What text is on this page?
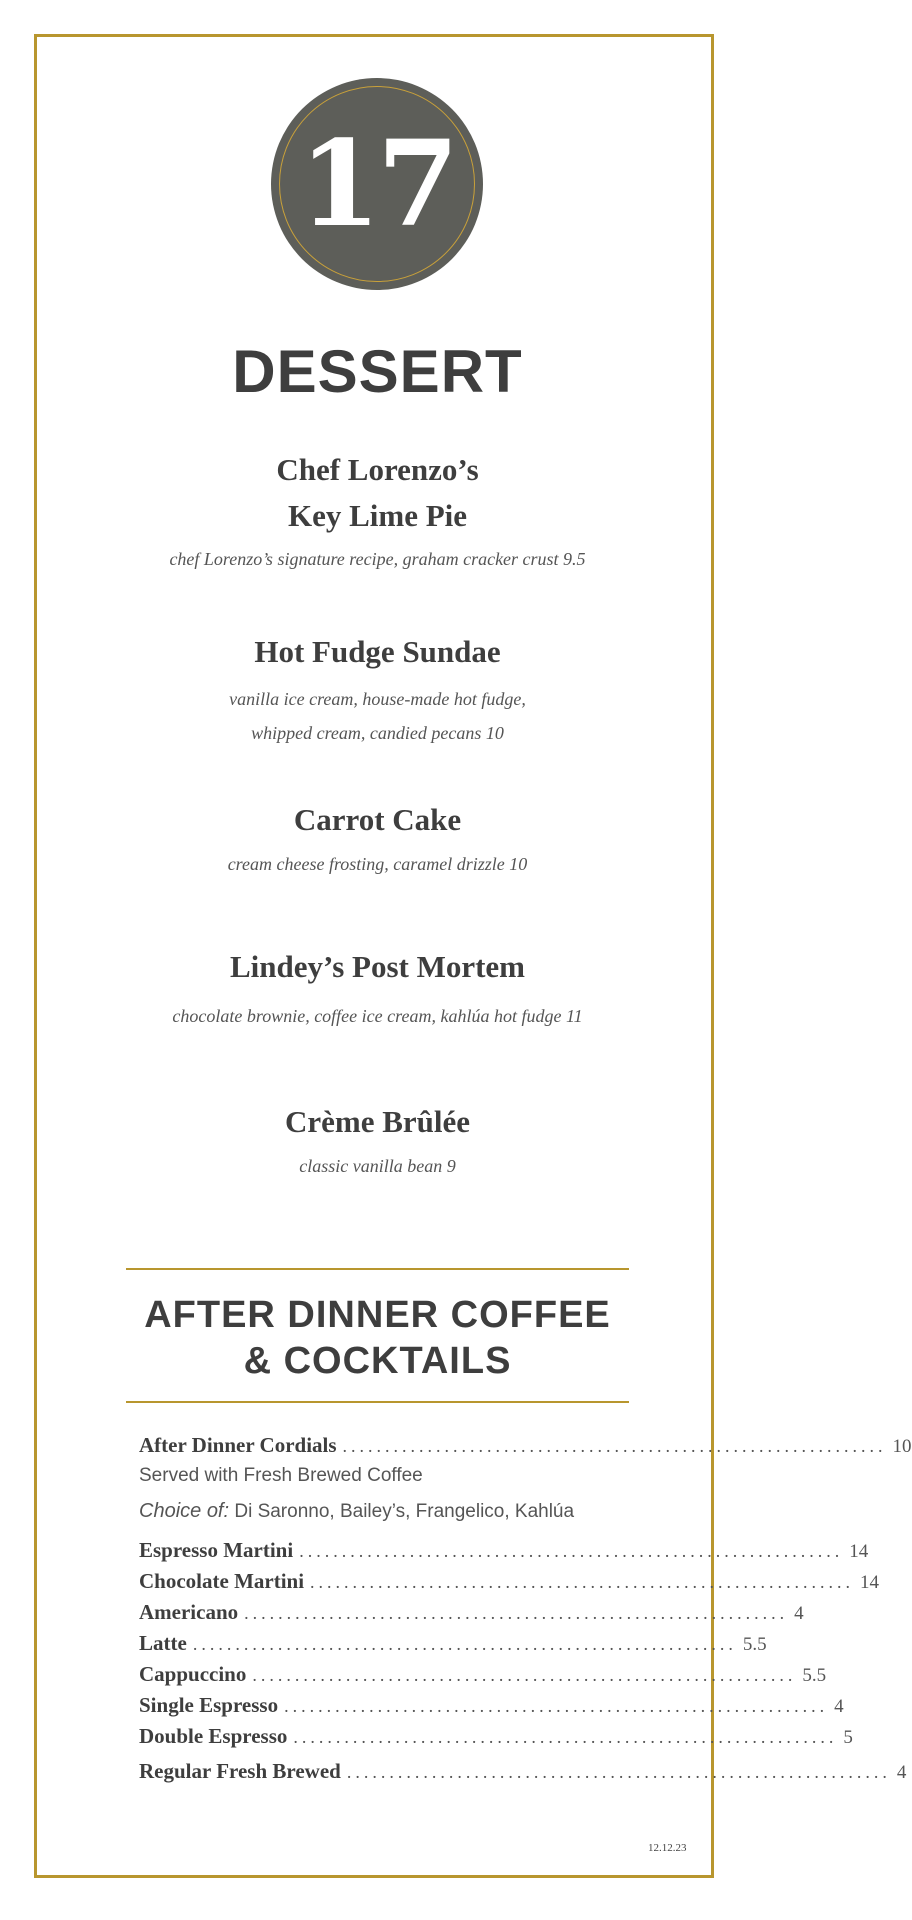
17
DESSERT
Chef Lorenzo’s
Key Lime Pie
chef Lorenzo’s signature recipe, graham cracker crust 9.5
Hot Fudge Sundae
vanilla ice cream, house-made hot fudge,
whipped cream, candied pecans 10
Carrot Cake
cream cheese frosting, caramel drizzle 10
Lindey’s Post Mortem
chocolate brownie, coffee ice cream, kahlúa hot fudge 11
Crème Brûlée
classic vanilla bean 9
AFTER DINNER COFFEE
& COCKTAILS
After Dinner Cordials ................................................................ 10
Served with Fresh Brewed Coffee
Choice of: Di Saronno, Bailey’s, Frangelico, Kahlúa
Espresso Martini ................................................................ 14
Chocolate Martini ................................................................ 14
Americano ................................................................ 4
Latte ................................................................ 5.5
Cappuccino ................................................................ 5.5
Single Espresso ................................................................ 4
Double Espresso ................................................................ 5
Regular Fresh Brewed ................................................................ 4
12.12.23
